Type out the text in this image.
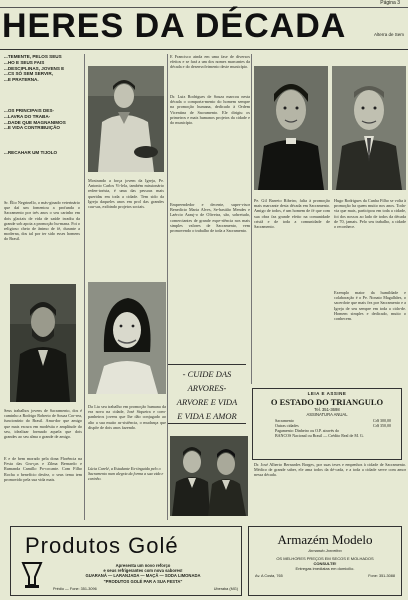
Página 3
HERES DA DÉCADA	Alterra de Sem
...TEMENTE, PELOS SEUS
...HO E SEUS FAIS
...DESCIPLINAS, JOVENS E
...CS SÓ SEM SERVIR,
...E PRATERNA.
...OS PRINCIPAIS DES-
...LAVRA DO TRABA-
...DADE QUE MAGNANIMOS
...E VIDA CONTRIBUIÇÃO
...RECAHAR UM TIJOLO
Sr. Élio Negrinello, o más-ginado veterinário que daí um fomentou a profunda o Sacramento por trés anos o seu carinho em dois glaciais de vida de saúde irradiu da grande sob apoia a promoção hu-mana. Foi o religioso cheio de ânimo de fé, durante a moderna, dos tal por ter sido esses homens do Brasil.
Seus trabalhos jovens de Sacramento, dos é caminho a Rodrigo Roberto de Souza Cor-rea, funcionário do Brasil. Ama-dor que amigo que mais escura em modéstia e amplitude do seu, idealizar formado aquela que dois grandes ao seu alma o grande de amigo.
E e de bem morado pela dona Florência na Festa das Gra-ças e Zilma Bernardo e Rumanda Camillo Po-cocante. Com Filho Rocha o benefício desfez, o seus tema tem promovido pela sua vida mais.
Mostrando a força jovem da Igreja, Pe. Antonio Carlos Vi-lela, também missionário reden-torista, é uma das pessoas mais queridas em toda a cidade. Tem sido da Igreja daqueles anos em prol das grandes cau-sas, exibindo projetos sociais.
Da Lia seu trabalho em promoção humana da era nova na cidade, José Siqueira e com-panheiros jovens que lhe dão conjugado ao alto a sua muito as-sistência, o mudança que dispôe de dois anos fazendo.
Lúcia Carelé, a Estudante Ex-tinguida pelo o Sacramento num alegria da forma a sua vida e carinho.
E Francisco ainda em uma fase de diversos efeitos e se fará a um dos nomes marcantes da década e do desenvolvimento deste município.
Dr. Luiz Rodrigues de Souza marcou nesta década o comporta-mento do homem sempre na promoção humana, dedicado à Ordem Vicentina de Sacramento. Ele dirigiu os primeiros e mais humanos projetos da cidade e do município.
Empreendedor e decente, super-visor Benedicto Maria Alves, Se-bastião Mendes e Laércio Arauj-o de Oliveira, são, sobretudo, comerciantes de grande expe-riência nos mais simples valores de Sacramento, vem promovendo o trabalho de toda a Sacramento.
- CUIDE DAS
ARVORES-
ARVORE E VIDA
E VIDA E AMOR
Pe. Gil Barreto Ribeiro, falta à promoção mais marcante desta década em Sacramento. Amigo de todos, é um homem de fé que com sua obra faz grande efeito na comunidade cristã e de toda a comunidade de Sacramento.
Hugo Rodrigues da Cunha Filho se volta à promoção ha quem muito nos anos. Toda-via que mais, participou em toda a cidade, foi dos nossos ao lado de todos da década de 70, jamais. Pelo seu trabalho, a cidade o reconhece.
Exemplo maior da humildade e colaboração é o Pe. Nonato Magalhães, o sacerdote que mais fez por Sacramento e a Igreja de seu sempre em toda a cida-de. Homem simples e dedicado, muito o conhecem.
LEIA E ASSINE
O ESTADO DO TRIANGULO
Tel. 351-3698
ASSINATURA ANUAL
Sacramento	Cr$ 300,00
Outras cidades	Cr$ 350,00
Pagamento: Dinheiro ou O.P. através do
BANCOS Nacional ou Brasil — Crédito Real de M. G.
Dr. José Alberto Bernardes Borges, por suas teses e empenhos à cidade de Sacramento. Médico de grande saber, ele ama todos da dé-cada, e a toda a cidade serve com amor nessa década.
Produtos Golé
Apresenta um novo reforço
e seus refrigerantes com nova sabores!
GUARANÁ — LARANJADA — MAÇÃ — SODA LIMONADA
"PRODUTOS GOLÉ PAR A SUA FESTA"
Prédio — Fone: 351-3096	Uberaba (MG)
Armazém Modelo
Armando Jorcelino
OS MELHORES PREÇOS EM SECOS E MOLHADOS
CONSULTE!
Entregas imediatas em domicílio.
Av. A Costa, 765	Fone: 351-3088
